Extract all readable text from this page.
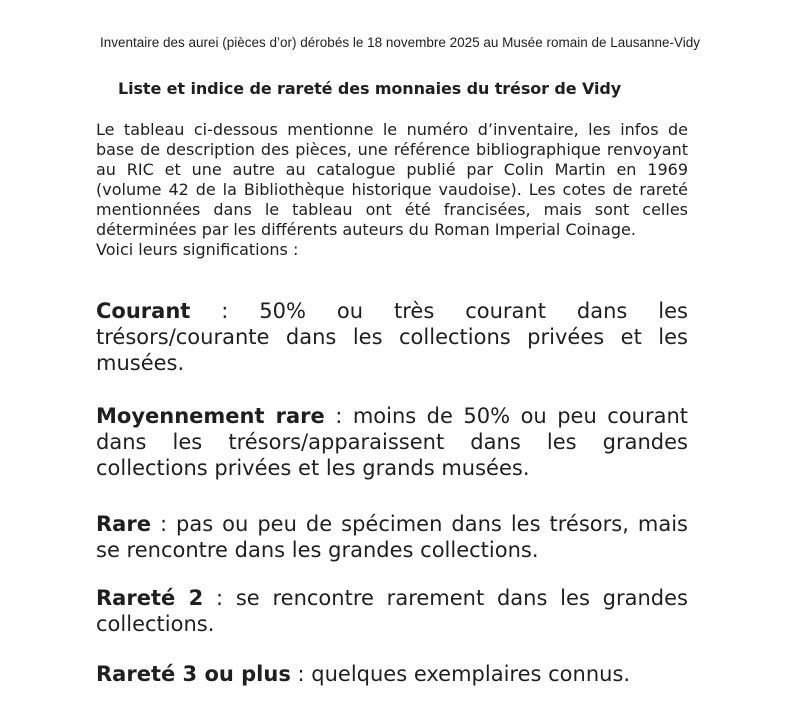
Inventaire des aurei (pièces d’or) dérobés le 18 novembre 2025 au Musée romain de Lausanne-Vidy
Liste et indice de rareté des monnaies du trésor de Vidy

Le tableau ci-dessous mentionne le numéro d’inventaire, les infos de base de description des pièces, une référence bibliographique renvoyant au RIC et une autre au catalogue publié par Colin Martin en 1969 (volume 42 de la Bibliothèque historique vaudoise). Les cotes de rareté mentionnées dans le tableau ont été francisées, mais sont celles déterminées par les différents auteurs du Roman Imperial Coinage.

Voici leurs significations :

Courant : 50% ou très courant dans les trésors/⁠courante dans les collections privées et les musées.

Moyennement rare : moins de 50% ou peu courant dans les trésors/⁠apparaissent dans les grandes collections privées et les grands musées.

Rare : pas ou peu de spécimen dans les trésors, mais se rencontre dans les grandes collections.

Rareté 2 : se rencontre rarement dans les grandes collections.

Rareté 3 ou plus : quelques exemplaires connus.
